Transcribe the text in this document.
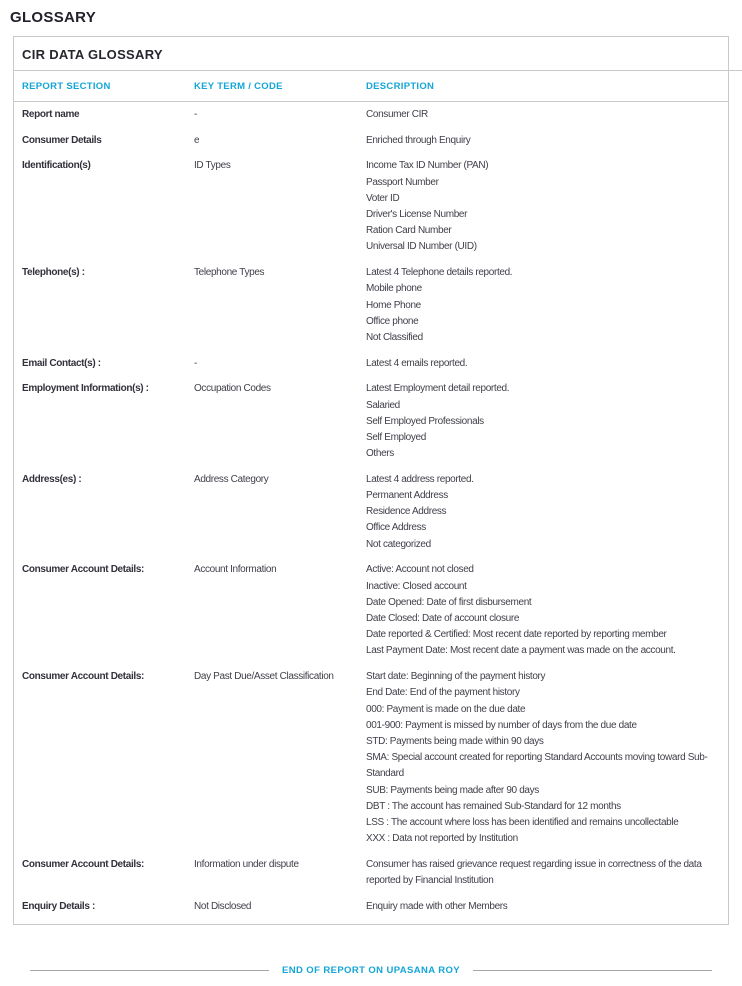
GLOSSARY
CIR DATA GLOSSARY
REPORT SECTION	KEY TERM / CODE	DESCRIPTION
Report name	-	Consumer CIR

Consumer Details	e	Enriched through Enquiry

Identification(s)	ID Types	Income Tax ID Number (PAN)

Passport Number

Voter ID

Driver's License Number

Ration Card Number

Universal ID Number (UID)

Telephone(s) :	Telephone Types	Latest 4 Telephone details reported.

Mobile phone

Home Phone

Office phone

Not Classified

Email Contact(s) :	-	Latest 4 emails reported.

Employment Information(s) :	Occupation Codes	Latest Employment detail reported.

Salaried

Self Employed Professionals

Self Employed

Others

Address(es) :	Address Category	Latest 4 address reported.

Permanent Address

Residence Address

Office Address

Not categorized

Consumer Account Details:	Account Information	Active: Account not closed

Inactive: Closed account

Date Opened: Date of first disbursement

Date Closed: Date of account closure

Date reported & Certified: Most recent date reported by reporting member

Last Payment Date: Most recent date a payment was made on the account.

Consumer Account Details:	Day Past Due/Asset Classification	Start date: Beginning of the payment history

End Date: End of the payment history

000: Payment is made on the due date

001-900: Payment is missed by number of days from the due date

STD: Payments being made within 90 days

SMA: Special account created for reporting Standard Accounts moving toward Sub-Standard

SUB: Payments being made after 90 days

DBT : The account has remained Sub-Standard for 12 months

LSS : The account where loss has been identified and remains uncollectable

XXX : Data not reported by Institution

Consumer Account Details:	Information under dispute	Consumer has raised grievance request regarding issue in correctness of the data reported by Financial Institution

Enquiry Details :	Not Disclosed	Enquiry made with other Members

END OF REPORT ON UPASANA ROY
